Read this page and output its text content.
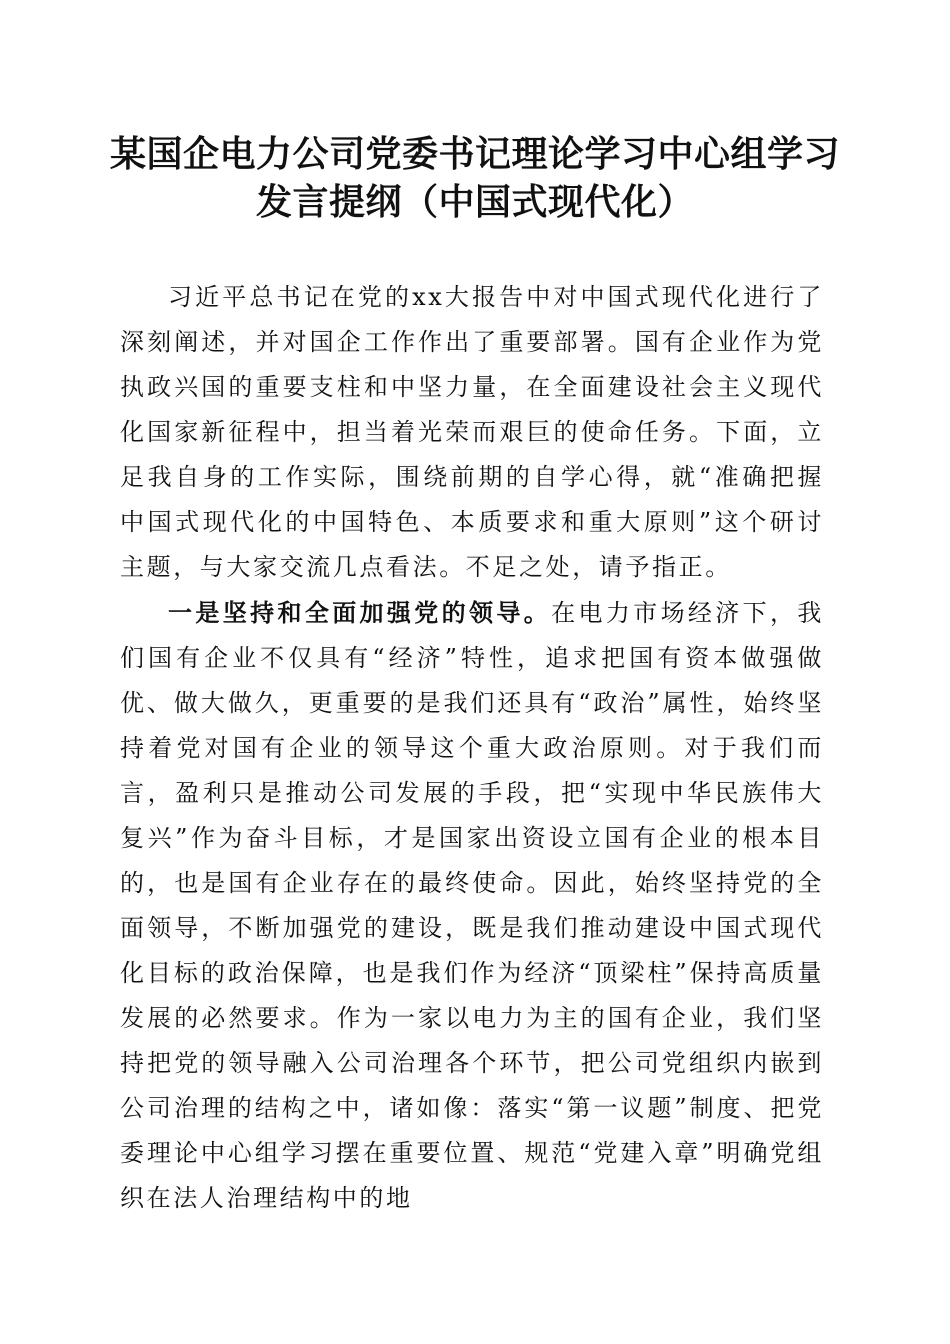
某国企电力公司党委书记理论学习中心组学习
发言提纲（中国式现代化）

习近平总书记在党的xx大报告中对中国式现代化进行了深刻阐述，并对国企工作作出了重要部署。国有企业作为党执政兴国的重要支柱和中坚力量，在全面建设社会主义现代化国家新征程中，担当着光荣而艰巨的使命任务。下面，立足我自身的工作实际，围绕前期的自学心得，就“准确把握中国式现代化的中国特色、本质要求和重大原则”这个研讨主题，与大家交流几点看法。不足之处，请予指正。

一是坚持和全面加强党的领导。在电力市场经济下，我们国有企业不仅具有“经济”特性，追求把国有资本做强做优、做大做久，更重要的是我们还具有“政治”属性，始终坚持着党对国有企业的领导这个重大政治原则。对于我们而言，盈利只是推动公司发展的手段，把“实现中华民族伟大复兴”作为奋斗目标，才是国家出资设立国有企业的根本目的，也是国有企业存在的最终使命。因此，始终坚持党的全面领导，不断加强党的建设，既是我们推动建设中国式现代化目标的政治保障，也是我们作为经济“顶梁柱”保持高质量发展的必然要求。作为一家以电力为主的国有企业，我们坚持把党的领导融入公司治理各个环节，把公司党组织内嵌到公司治理的结构之中，诸如像：落实“第一议题”制度、把党委理论中心组学习摆在重要位置、规范“党建入章”明确党组织在法人治理结构中的地
